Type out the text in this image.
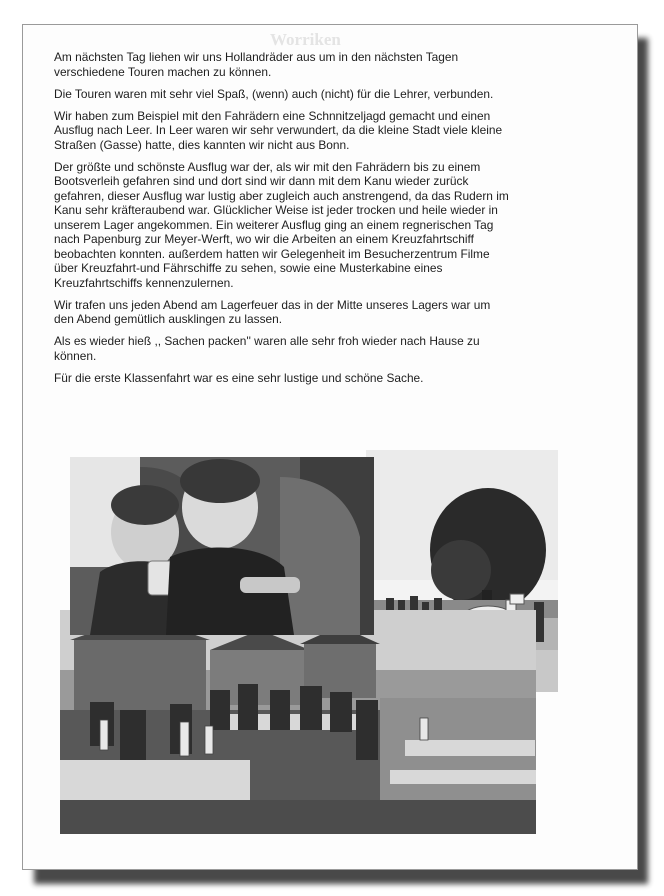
Worriken

Am nächsten Tag liehen wir uns Hollandräder aus um in den nächsten Tagen
verschiedene Touren machen zu können.

Die Touren waren mit sehr viel Spaß, (wenn) auch (nicht) für die Lehrer, verbunden.

Wir haben zum Beispiel mit den Fahrädern eine Schnnitzeljagd gemacht und einen
Ausflug nach Leer. In Leer waren wir sehr verwundert, da die kleine Stadt viele kleine
Straßen (Gasse) hatte, dies kannten wir nicht aus Bonn.

Der größte und schönste Ausflug war der, als wir mit den Fahrädern bis zu einem
Bootsverleih gefahren sind und dort sind wir dann mit dem Kanu wieder zurück
gefahren, dieser Ausflug war lustig aber zugleich auch anstrengend, da das Rudern im
Kanu sehr kräfteraubend war. Glücklicher Weise ist jeder trocken und heile wieder in
unserem Lager angekommen. Ein weiterer Ausflug ging an einem regnerischen Tag
nach Papenburg zur Meyer-Werft, wo wir die Arbeiten an einem Kreuzfahrtschiff
beobachten konnten. außerdem hatten wir Gelegenheit im Besucherzentrum Filme
über Kreuzfahrt-und Fährschiffe zu sehen, sowie eine Musterkabine eines
Kreuzfahrtschiffs kennenzulernen.

Wir trafen uns jeden Abend am Lagerfeuer das in der Mitte unseres Lagers war um
den Abend gemütlich ausklingen zu lassen.

Als es wieder hieß ,, Sachen packen'' waren alle sehr froh wieder nach Hause zu
können.

Für die erste Klassenfahrt war es eine sehr lustige und schöne Sache.
